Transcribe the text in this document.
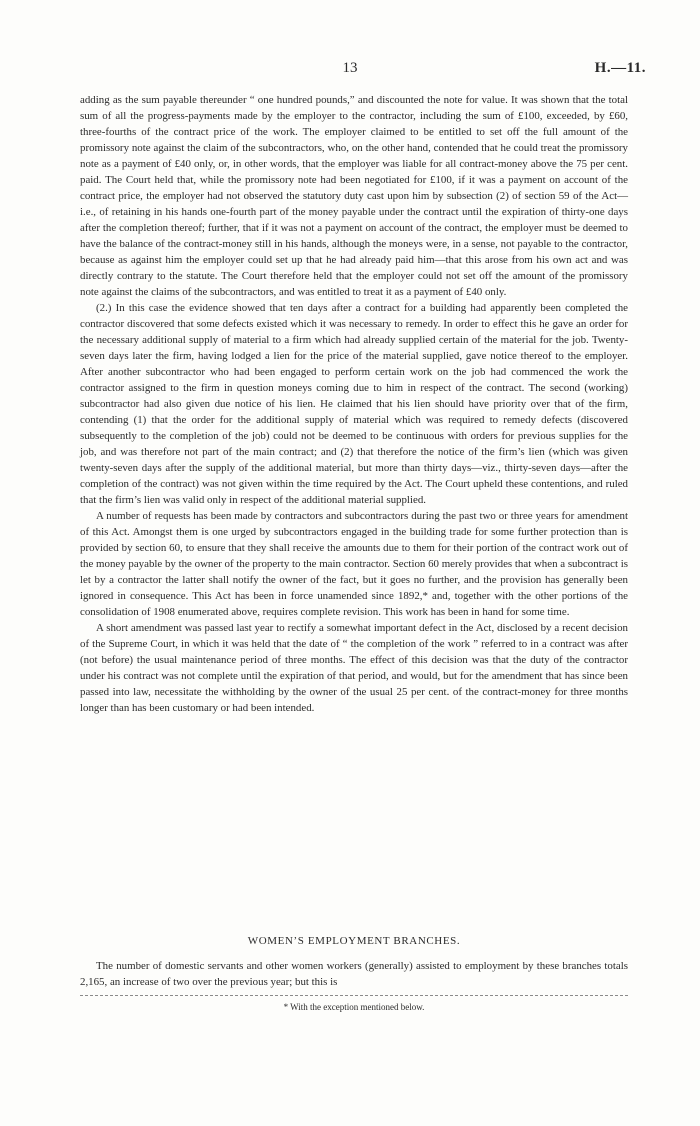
13	H.—11.

adding as the sum payable thereunder “ one hundred pounds,” and discounted the note for value. It was shown that the total sum of all the progress-payments made by the employer to the contractor, including the sum of £100, exceeded, by £60, three-fourths of the contract price of the work. The employer claimed to be entitled to set off the full amount of the promissory note against the claim of the subcontractors, who, on the other hand, contended that he could treat the promissory note as a payment of £40 only, or, in other words, that the employer was liable for all contract-money above the 75 per cent. paid. The Court held that, while the promissory note had been negotiated for £100, if it was a payment on account of the contract price, the employer had not observed the statutory duty cast upon him by subsection (2) of section 59 of the Act—i.e., of retaining in his hands one-fourth part of the money payable under the contract until the expiration of thirty-one days after the completion thereof; further, that if it was not a payment on account of the contract, the employer must be deemed to have the balance of the contract-money still in his hands, although the moneys were, in a sense, not payable to the contractor, because as against him the employer could set up that he had already paid him—that this arose from his own act and was directly contrary to the statute. The Court therefore held that the employer could not set off the amount of the promissory note against the claims of the subcontractors, and was entitled to treat it as a payment of £40 only.

(2.) In this case the evidence showed that ten days after a contract for a building had apparently been completed the contractor discovered that some defects existed which it was necessary to remedy. In order to effect this he gave an order for the necessary additional supply of material to a firm which had already supplied certain of the material for the job. Twenty-seven days later the firm, having lodged a lien for the price of the material supplied, gave notice thereof to the employer. After another subcontractor who had been engaged to perform certain work on the job had commenced the work the contractor assigned to the firm in question moneys coming due to him in respect of the contract. The second (working) subcontractor had also given due notice of his lien. He claimed that his lien should have priority over that of the firm, contending (1) that the order for the additional supply of material which was required to remedy defects (discovered subsequently to the completion of the job) could not be deemed to be continuous with orders for previous supplies for the job, and was therefore not part of the main contract; and (2) that therefore the notice of the firm’s lien (which was given twenty-seven days after the supply of the additional material, but more than thirty days—viz., thirty-seven days—after the completion of the contract) was not given within the time required by the Act. The Court upheld these contentions, and ruled that the firm’s lien was valid only in respect of the additional material supplied.

A number of requests has been made by contractors and subcontractors during the past two or three years for amendment of this Act. Amongst them is one urged by subcontractors engaged in the building trade for some further protection than is provided by section 60, to ensure that they shall receive the amounts due to them for their portion of the contract work out of the money payable by the owner of the property to the main contractor. Section 60 merely provides that when a subcontract is let by a contractor the latter shall notify the owner of the fact, but it goes no further, and the provision has generally been ignored in consequence. This Act has been in force unamended since 1892,* and, together with the other portions of the consolidation of 1908 enumerated above, requires complete revision. This work has been in hand for some time.

A short amendment was passed last year to rectify a somewhat important defect in the Act, disclosed by a recent decision of the Supreme Court, in which it was held that the date of “ the completion of the work ” referred to in a contract was after (not before) the usual maintenance period of three months. The effect of this decision was that the duty of the contractor under his contract was not complete until the expiration of that period, and would, but for the amendment that has since been passed into law, necessitate the withholding by the owner of the usual 25 per cent. of the contract-money for three months longer than has been customary or had been intended.

WOMEN’S EMPLOYMENT BRANCHES.
The number of domestic servants and other women workers (generally) assisted to employment by these branches totals 2,165, an increase of two over the previous year; but this is
* With the exception mentioned below.
